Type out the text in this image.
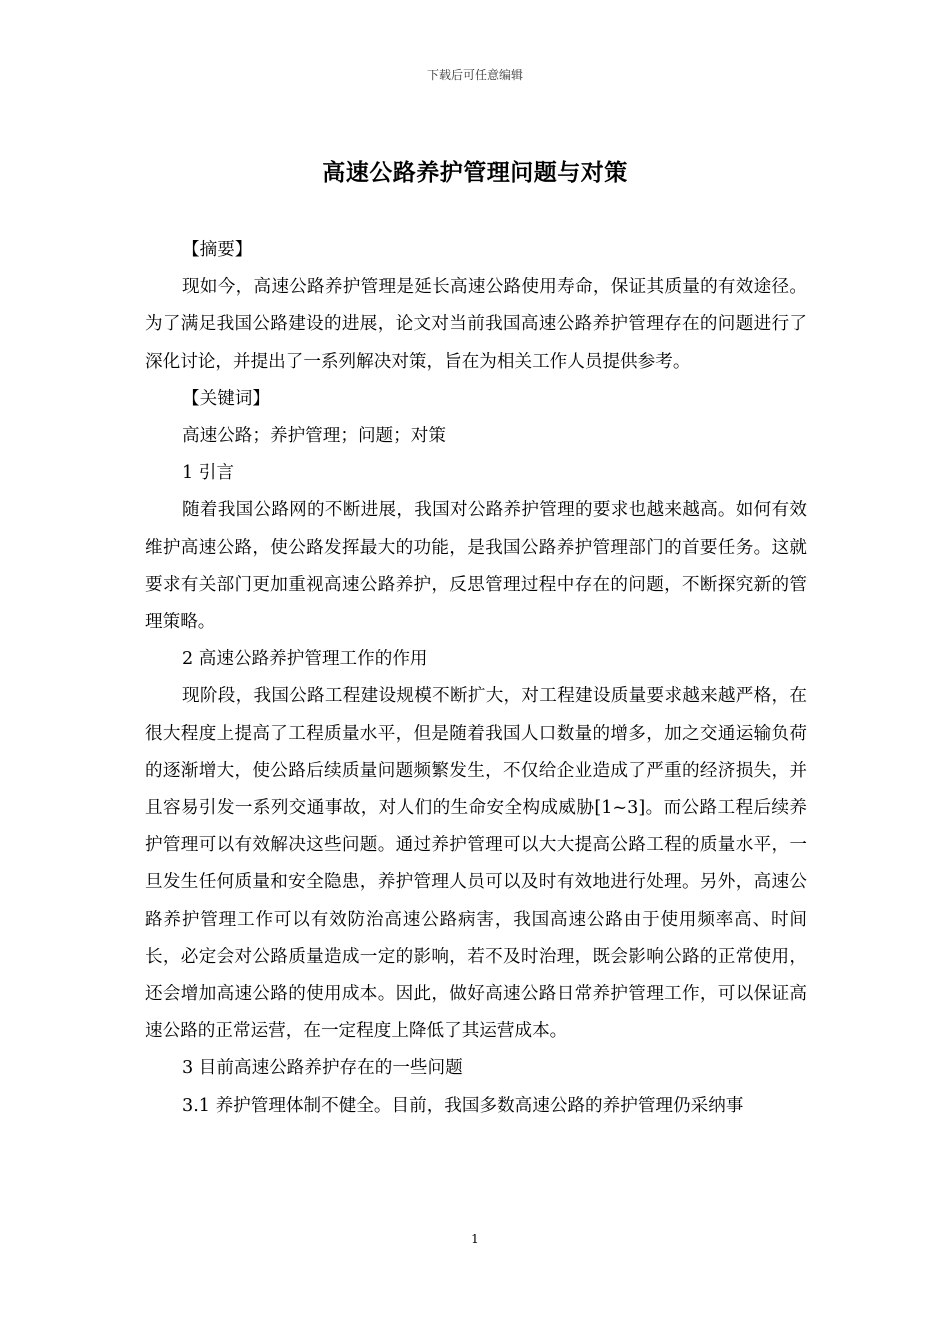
下载后可任意编辑
高速公路养护管理问题与对策

【摘要】

现如今，高速公路养护管理是延长高速公路使用寿命，保证其质量的有效途径。为了满足我国公路建设的进展，论文对当前我国高速公路养护管理存在的问题进行了深化讨论，并提出了一系列解决对策，旨在为相关工作人员提供参考。

【关键词】

高速公路；养护管理；问题；对策

1 引言

随着我国公路网的不断进展，我国对公路养护管理的要求也越来越高。如何有效维护高速公路，使公路发挥最大的功能，是我国公路养护管理部门的首要任务。这就要求有关部门更加重视高速公路养护，反思管理过程中存在的问题，不断探究新的管理策略。

2 高速公路养护管理工作的作用

现阶段，我国公路工程建设规模不断扩大，对工程建设质量要求越来越严格，在很大程度上提高了工程质量水平，但是随着我国人口数量的增多，加之交通运输负荷的逐渐增大，使公路后续质量问题频繁发生，不仅给企业造成了严重的经济损失，并且容易引发一系列交通事故，对人们的生命安全构成威胁[1~3]。而公路工程后续养护管理可以有效解决这些问题。通过养护管理可以大大提高公路工程的质量水平，一旦发生任何质量和安全隐患，养护管理人员可以及时有效地进行处理。另外，高速公路养护管理工作可以有效防治高速公路病害，我国高速公路由于使用频率高、时间长，必定会对公路质量造成一定的影响，若不及时治理，既会影响公路的正常使用，还会增加高速公路的使用成本。因此，做好高速公路日常养护管理工作，可以保证高速公路的正常运营，在一定程度上降低了其运营成本。

3 目前高速公路养护存在的一些问题

3.1 养护管理体制不健全。目前，我国多数高速公路的养护管理仍采纳事

1
